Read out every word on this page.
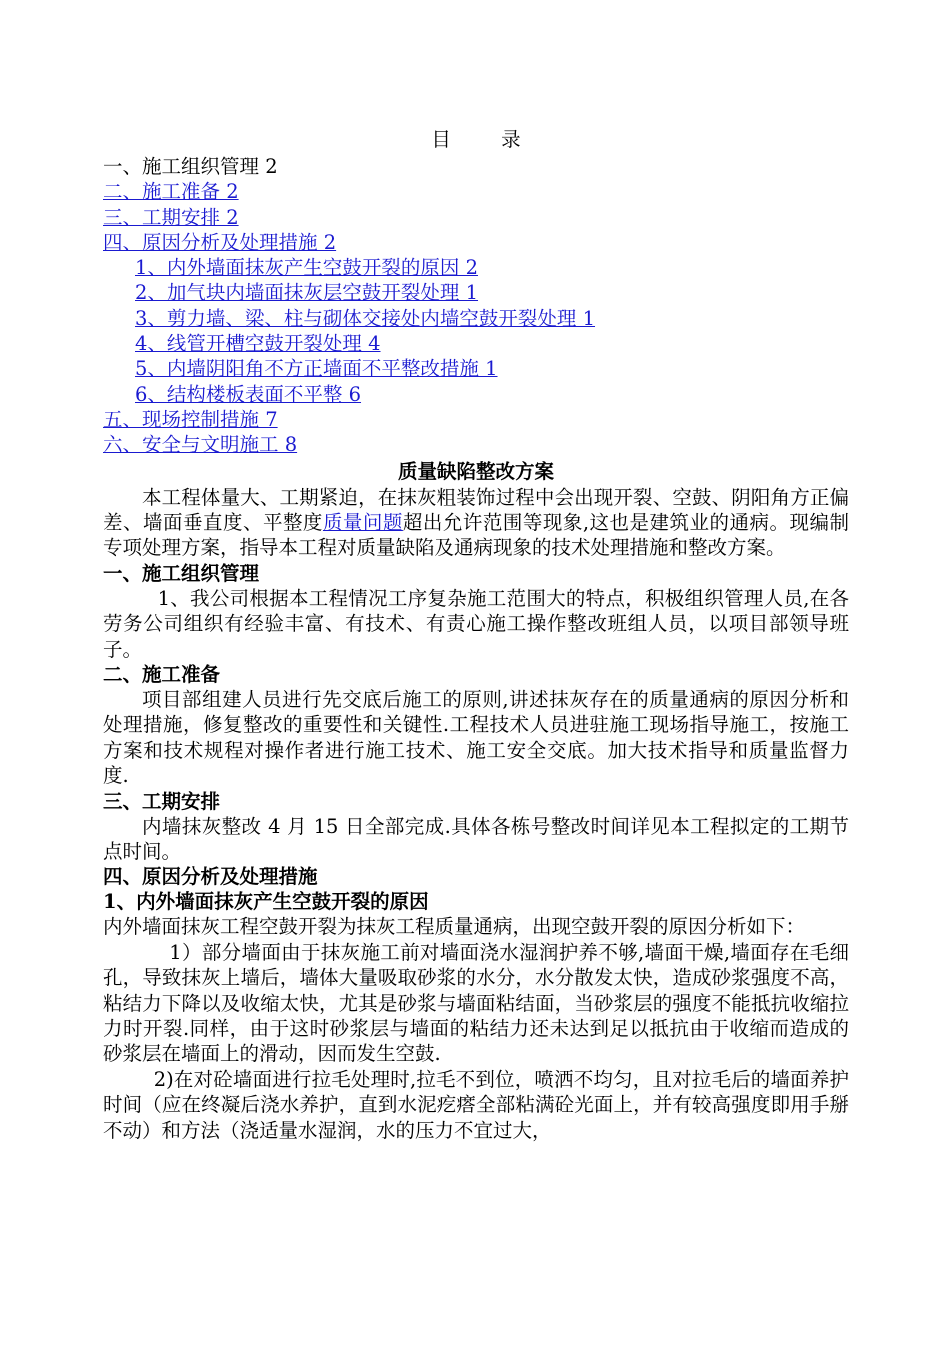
目 录
一、施工组织管理 2
二、施工准备 2
三、工期安排 2
四、原因分析及处理措施 2
1、内外墙面抹灰产生空鼓开裂的原因 2
2、加气块内墙面抹灰层空鼓开裂处理 1
3、剪力墙、梁、柱与砌体交接处内墙空鼓开裂处理 1
4、线管开槽空鼓开裂处理 4
5、内墙阴阳角不方正墙面不平整改措施 1
6、结构楼板表面不平整 6
五、现场控制措施 7
六、安全与文明施工 8
质量缺陷整改方案

本工程体量大、工期紧迫，在抹灰粗装饰过程中会出现开裂、空鼓、阴阳角方正偏差、墙面垂直度、平整度质量问题超出允许范围等现象,这也是建筑业的通病。现编制专项处理方案，指导本工程对质量缺陷及通病现象的技术处理措施和整改方案。

一、施工组织管理

1、我公司根据本工程情况工序复杂施工范围大的特点，积极组织管理人员,在各劳务公司组织有经验丰富、有技术、有责心施工操作整改班组人员，以项目部领导班子。

二、施工准备

项目部组建人员进行先交底后施工的原则,讲述抹灰存在的质量通病的原因分析和处理措施，修复整改的重要性和关键性.工程技术人员进驻施工现场指导施工，按施工方案和技术规程对操作者进行施工技术、施工安全交底。加大技术指导和质量监督力度.

三、工期安排

内墙抹灰整改 4 月 15 日全部完成.具体各栋号整改时间详见本工程拟定的工期节点时间。

四、原因分析及处理措施
1、内外墙面抹灰产生空鼓开裂的原因

内外墙面抹灰工程空鼓开裂为抹灰工程质量通病，出现空鼓开裂的原因分析如下：

1）部分墙面由于抹灰施工前对墙面浇水湿润护养不够,墙面干燥,墙面存在毛细孔，导致抹灰上墙后，墙体大量吸取砂浆的水分，水分散发太快，造成砂浆强度不高，粘结力下降以及收缩太快，尤其是砂浆与墙面粘结面，当砂浆层的强度不能抵抗收缩拉力时开裂.同样，由于这时砂浆层与墙面的粘结力还未达到足以抵抗由于收缩而造成的砂浆层在墙面上的滑动，因而发生空鼓.

2)在对砼墙面进行拉毛处理时,拉毛不到位，喷洒不均匀，且对拉毛后的墙面养护时间（应在终凝后浇水养护，直到水泥疙瘩全部粘满砼光面上，并有较高强度即用手掰不动）和方法（浇适量水湿润，水的压力不宜过大，
